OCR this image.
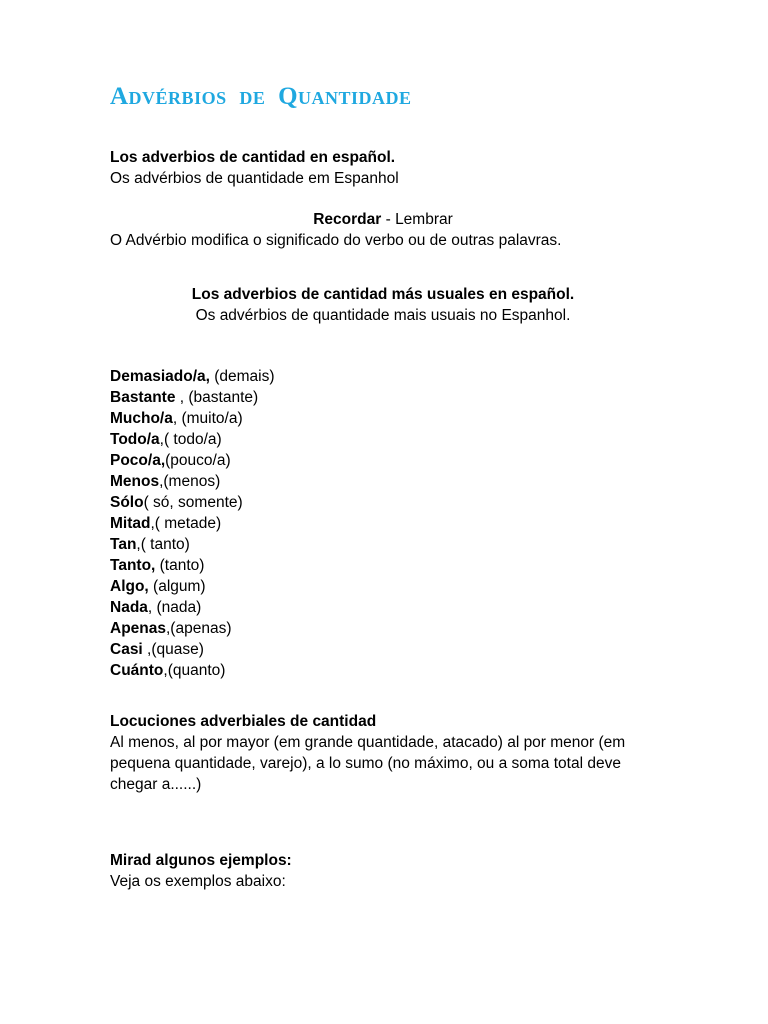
Advérbios de Quantidade
Los adverbios de cantidad en español.
Os advérbios de quantidade em Espanhol
Recordar - Lembrar
O Advérbio modifica o significado do verbo ou de outras palavras.
Los adverbios de cantidad más usuales en español.
Os advérbios de quantidade mais usuais no Espanhol.
Demasiado/a, (demais)
Bastante , (bastante)
Mucho/a, (muito/a)
Todo/a,( todo/a)
Poco/a,(pouco/a)
Menos,(menos)
Sólo( só, somente)
Mitad,( metade)
Tan,( tanto)
Tanto, (tanto)
Algo, (algum)
Nada, (nada)
Apenas,(apenas)
Casi ,(quase)
Cuánto,(quanto)
Locuciones adverbiales de cantidad
Al menos, al por mayor (em grande quantidade, atacado) al por menor (em pequena quantidade, varejo), a lo sumo (no máximo, ou a soma total deve chegar a......)
Mirad algunos ejemplos:
Veja os exemplos abaixo:
